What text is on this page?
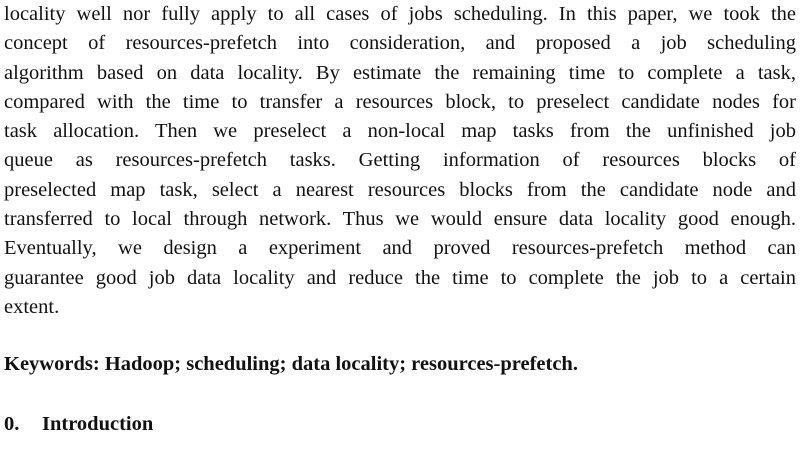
locality well nor fully apply to all cases of jobs scheduling. In this paper, we took the
concept of resources-prefetch into consideration, and proposed a job scheduling
algorithm based on data locality. By estimate the remaining time to complete a task,
compared with the time to transfer a resources block, to preselect candidate nodes for
task allocation. Then we preselect a non-local map tasks from the unfinished job
queue as resources-prefetch tasks. Getting information of resources blocks of
preselected map task, select a nearest resources blocks from the candidate node and
transferred to local through network. Thus we would ensure data locality good enough.
Eventually, we design a experiment and proved resources-prefetch method can
guarantee good job data locality and reduce the time to complete the job to a certain
extent.
Keywords: Hadoop; scheduling; data locality; resources-prefetch.
0. Introduction
